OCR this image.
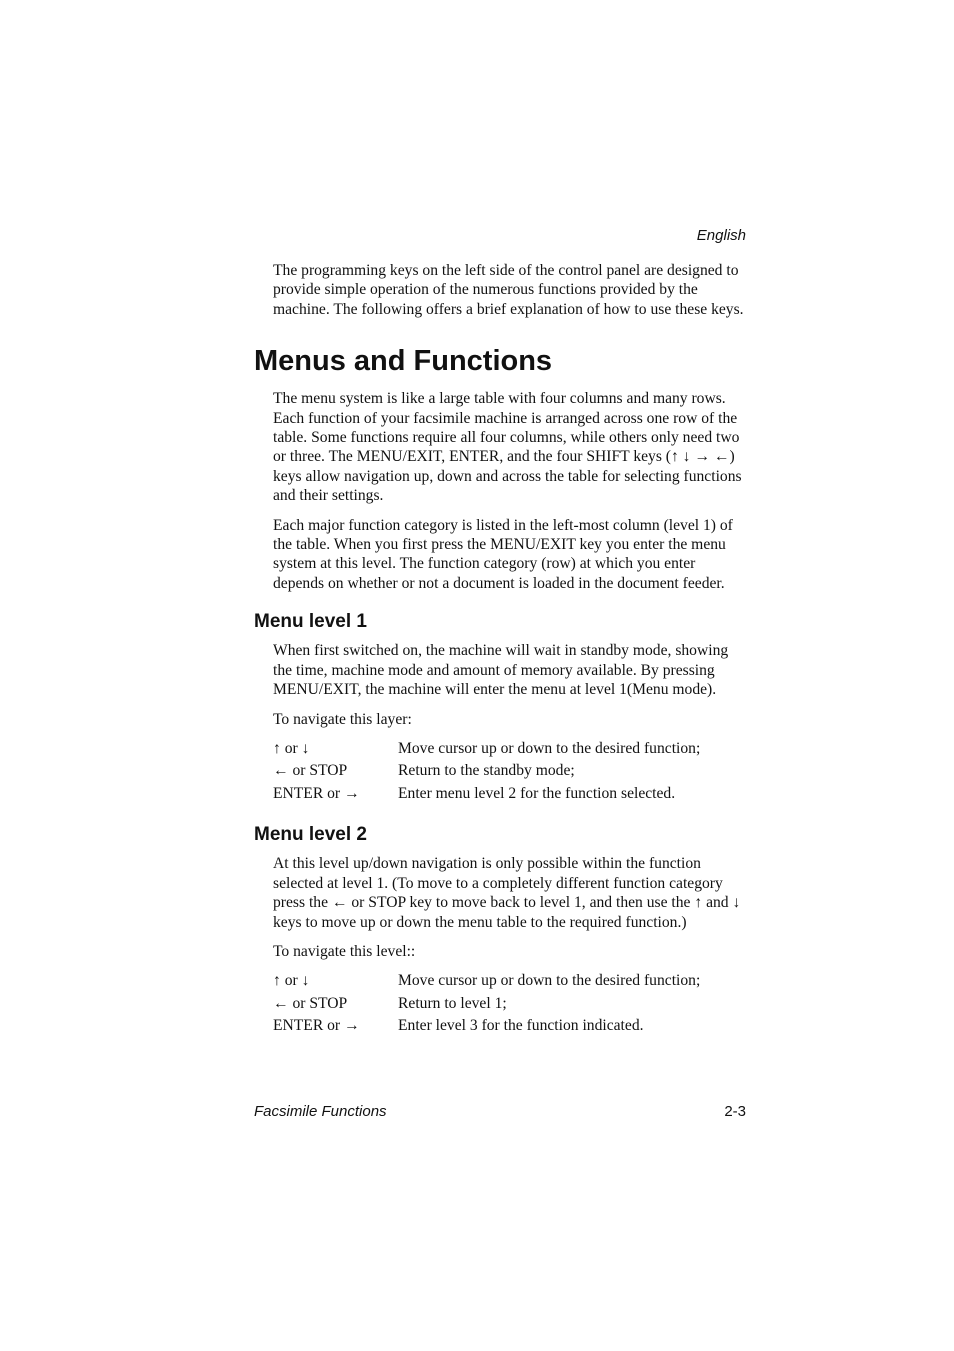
English

The programming keys on the left side of the control panel are designed to provide simple operation of the numerous functions provided by the machine. The following offers a brief explanation of how to use these keys.

Menus and Functions

The menu system is like a large table with four columns and many rows. Each function of your facsimile machine is arranged across one row of the table. Some functions require all four columns, while others only need two or three. The MENU/EXIT, ENTER, and the four SHIFT keys (↑ ↓ → ←) keys allow navigation up, down and across the table for selecting functions and their settings.

Each major function category is listed in the left-most column (level 1) of the table. When you first press the MENU/EXIT key you enter the menu system at this level. The function category (row) at which you enter depends on whether or not a document is loaded in the document feeder.

Menu level 1

When first switched on, the machine will wait in standby mode, showing the time, machine mode and amount of memory available. By pressing MENU/EXIT, the machine will enter the menu at level 1(Menu mode).

To navigate this layer:

↑ or ↓	Move cursor up or down to the desired function;
← or STOP	Return to the standby mode;
ENTER or →	Enter menu level 2 for the function selected.
Menu level 2

At this level up/down navigation is only possible within the function selected at level 1. (To move to a completely different function category press the ← or STOP key to move back to level 1, and then use the ↑ and ↓ keys to move up or down the menu table to the required function.)

To navigate this level::

↑ or ↓	Move cursor up or down to the desired function;
← or STOP	Return to level 1;
ENTER or →	Enter level 3 for the function indicated.
Facsimile Functions	2-3
